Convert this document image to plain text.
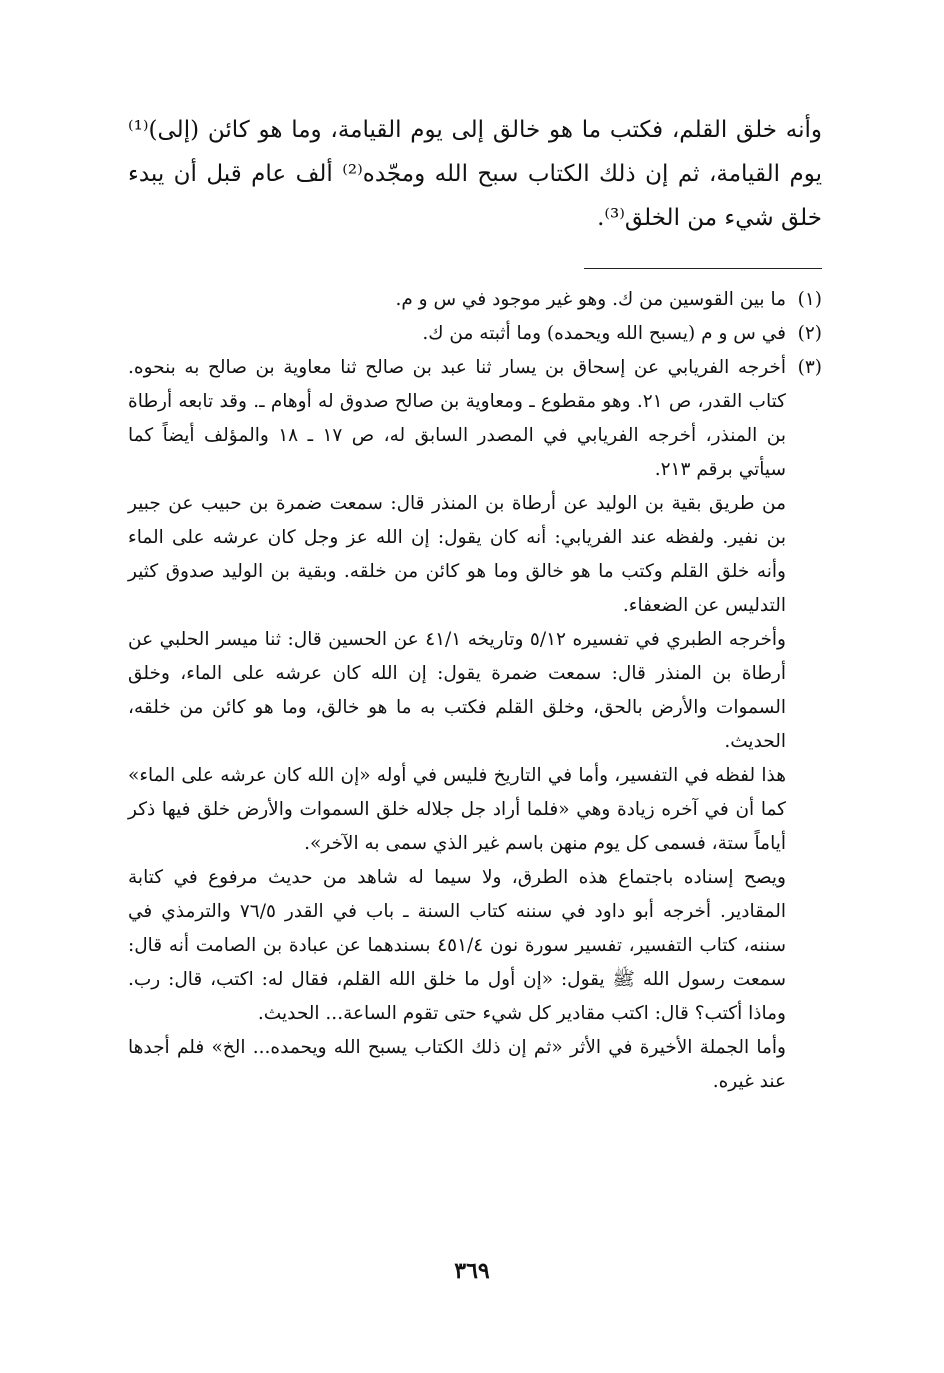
وأنه خلق القلم، فكتب ما هو خالق إلى يوم القيامة، وما هو كائن (إلى)⁽¹⁾ يوم القيامة، ثم إن ذلك الكتاب سبح الله ومجّده⁽²⁾ ألف عام قبل أن يبدء خلق شيء من الخلق⁽³⁾.

(١)

ما بين القوسين من ك. وهو غير موجود في س و م.

(٢)

في س و م (يسبح الله ويحمده) وما أثبته من ك.

(٣)

أخرجه الفريابي عن إسحاق بن يسار ثنا عبد بن صالح ثنا معاوية بن صالح به بنحوه. كتاب القدر، ص ٢١. وهو مقطوع ـ ومعاوية بن صالح صدوق له أوهام ـ. وقد تابعه أرطاة بن المنذر، أخرجه الفريابي في المصدر السابق له، ص ١٧ ـ ١٨ والمؤلف أيضاً كما سيأتي برقم ٢١٣.

من طريق بقية بن الوليد عن أرطاة بن المنذر قال: سمعت ضمرة بن حبيب عن جبير بن نفير. ولفظه عند الفريابي: أنه كان يقول: إن الله عز وجل كان عرشه على الماء وأنه خلق القلم وكتب ما هو خالق وما هو كائن من خلقه. وبقية بن الوليد صدوق كثير التدليس عن الضعفاء.

وأخرجه الطبري في تفسيره ٥/١٢ وتاريخه ٤١/١ عن الحسين قال: ثنا ميسر الحلبي عن أرطاة بن المنذر قال: سمعت ضمرة يقول: إن الله كان عرشه على الماء، وخلق السموات والأرض بالحق، وخلق القلم فكتب به ما هو خالق، وما هو كائن من خلقه، الحديث.

هذا لفظه في التفسير، وأما في التاريخ فليس في أوله «إن الله كان عرشه على الماء» كما أن في آخره زيادة وهي «فلما أراد جل جلاله خلق السموات والأرض خلق فيها ذكر أياماً ستة، فسمى كل يوم منهن باسم غير الذي سمى به الآخر».

ويصح إسناده باجتماع هذه الطرق، ولا سيما له شاهد من حديث مرفوع في كتابة المقادير. أخرجه أبو داود في سننه كتاب السنة ـ باب في القدر ٧٦/٥ والترمذي في سننه، كتاب التفسير، تفسير سورة نون ٤٥١/٤ بسندهما عن عبادة بن الصامت أنه قال: سمعت رسول الله ﷺ يقول: «إن أول ما خلق الله القلم، فقال له: اكتب، قال: رب. وماذا أكتب؟ قال: اكتب مقادير كل شيء حتى تقوم الساعة... الحديث.

وأما الجملة الأخيرة في الأثر «ثم إن ذلك الكتاب يسبح الله ويحمده... الخ» فلم أجدها عند غيره.

٣٦٩
